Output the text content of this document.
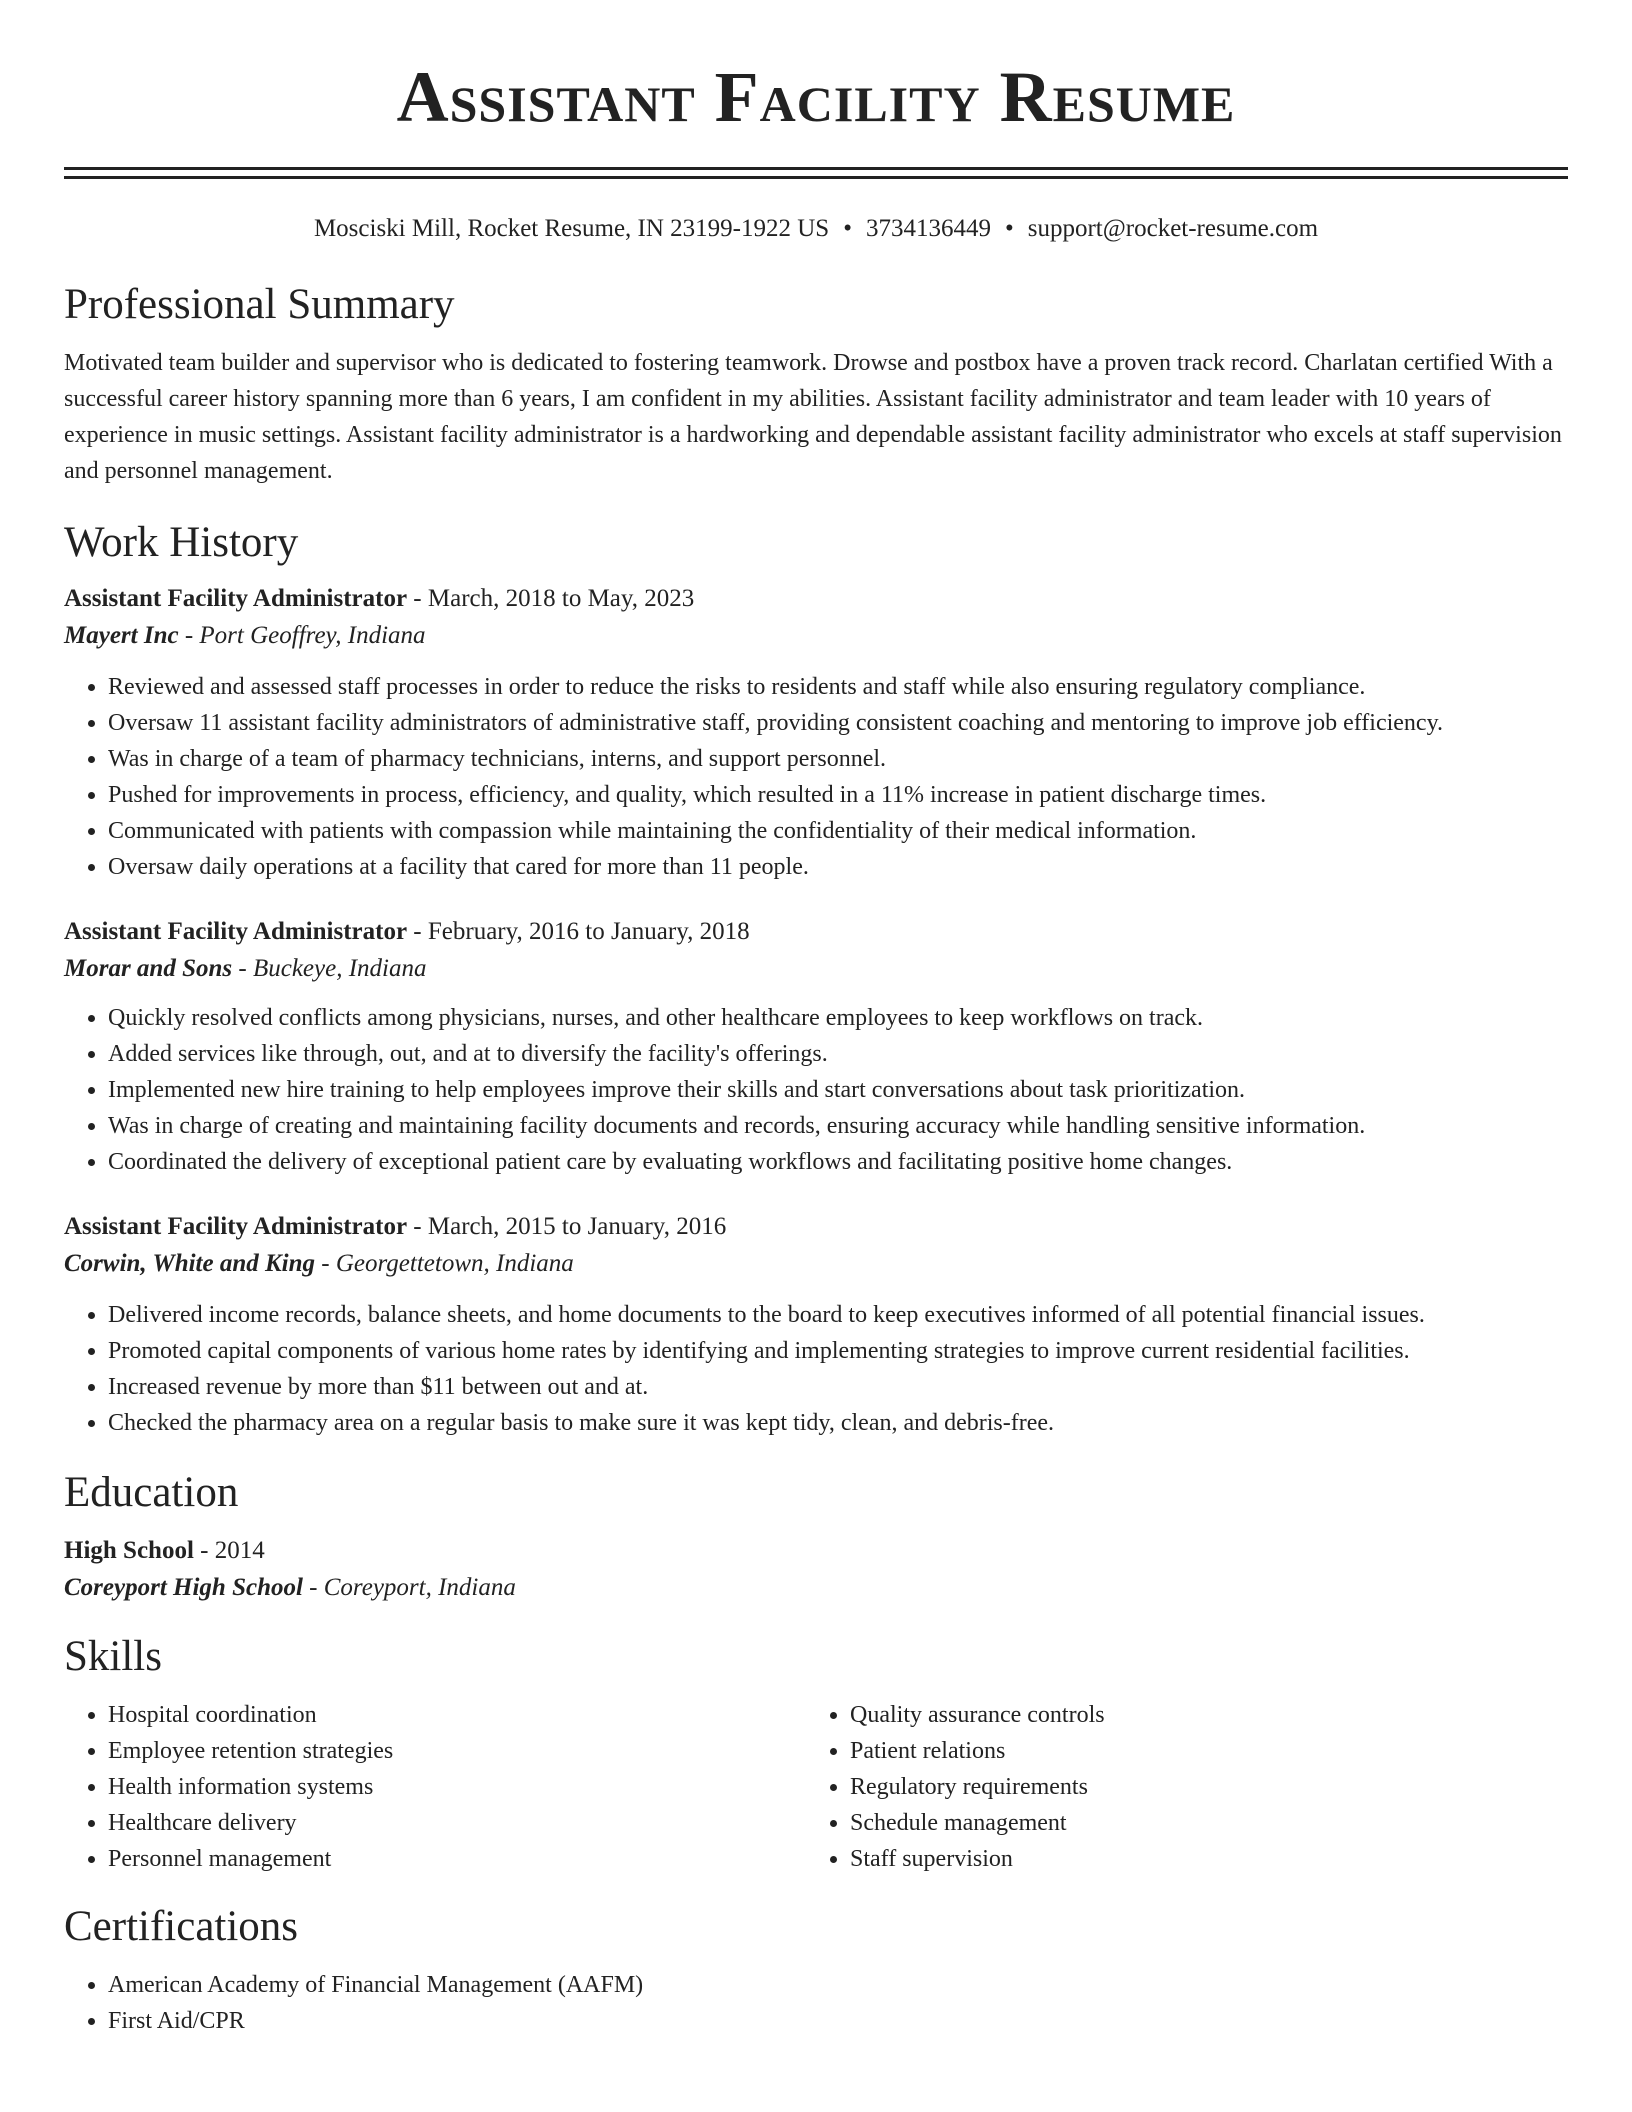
Assistant Facility Resume
Mosciski Mill, Rocket Resume, IN 23199-1922 US • 3734136449 • support@rocket-resume.com
Professional Summary

Motivated team builder and supervisor who is dedicated to fostering teamwork. Drowse and postbox have a proven track record. Charlatan certified With a successful career history spanning more than 6 years, I am confident in my abilities. Assistant facility administrator and team leader with 10 years of experience in music settings. Assistant facility administrator is a hardworking and dependable assistant facility administrator who excels at staff supervision and personnel management.

Work History
Assistant Facility Administrator - March, 2018 to May, 2023
Mayert Inc - Port Geoffrey, Indiana
• Reviewed and assessed staff processes in order to reduce the risks to residents and staff while also ensuring regulatory compliance.
• Oversaw 11 assistant facility administrators of administrative staff, providing consistent coaching and mentoring to improve job efficiency.
• Was in charge of a team of pharmacy technicians, interns, and support personnel.
• Pushed for improvements in process, efficiency, and quality, which resulted in a 11% increase in patient discharge times.
• Communicated with patients with compassion while maintaining the confidentiality of their medical information.
• Oversaw daily operations at a facility that cared for more than 11 people.
Assistant Facility Administrator - February, 2016 to January, 2018
Morar and Sons - Buckeye, Indiana
• Quickly resolved conflicts among physicians, nurses, and other healthcare employees to keep workflows on track.
• Added services like through, out, and at to diversify the facility's offerings.
• Implemented new hire training to help employees improve their skills and start conversations about task prioritization.
• Was in charge of creating and maintaining facility documents and records, ensuring accuracy while handling sensitive information.
• Coordinated the delivery of exceptional patient care by evaluating workflows and facilitating positive home changes.
Assistant Facility Administrator - March, 2015 to January, 2016
Corwin, White and King - Georgettetown, Indiana
• Delivered income records, balance sheets, and home documents to the board to keep executives informed of all potential financial issues.
• Promoted capital components of various home rates by identifying and implementing strategies to improve current residential facilities.
• Increased revenue by more than $11 between out and at.
• Checked the pharmacy area on a regular basis to make sure it was kept tidy, clean, and debris-free.
Education
High School - 2014
Coreyport High School - Coreyport, Indiana
Skills
• Hospital coordination
• Employee retention strategies
• Health information systems
• Healthcare delivery
• Personnel management
• Quality assurance controls
• Patient relations
• Regulatory requirements
• Schedule management
• Staff supervision
Certifications
• American Academy of Financial Management (AAFM)
• First Aid/CPR
